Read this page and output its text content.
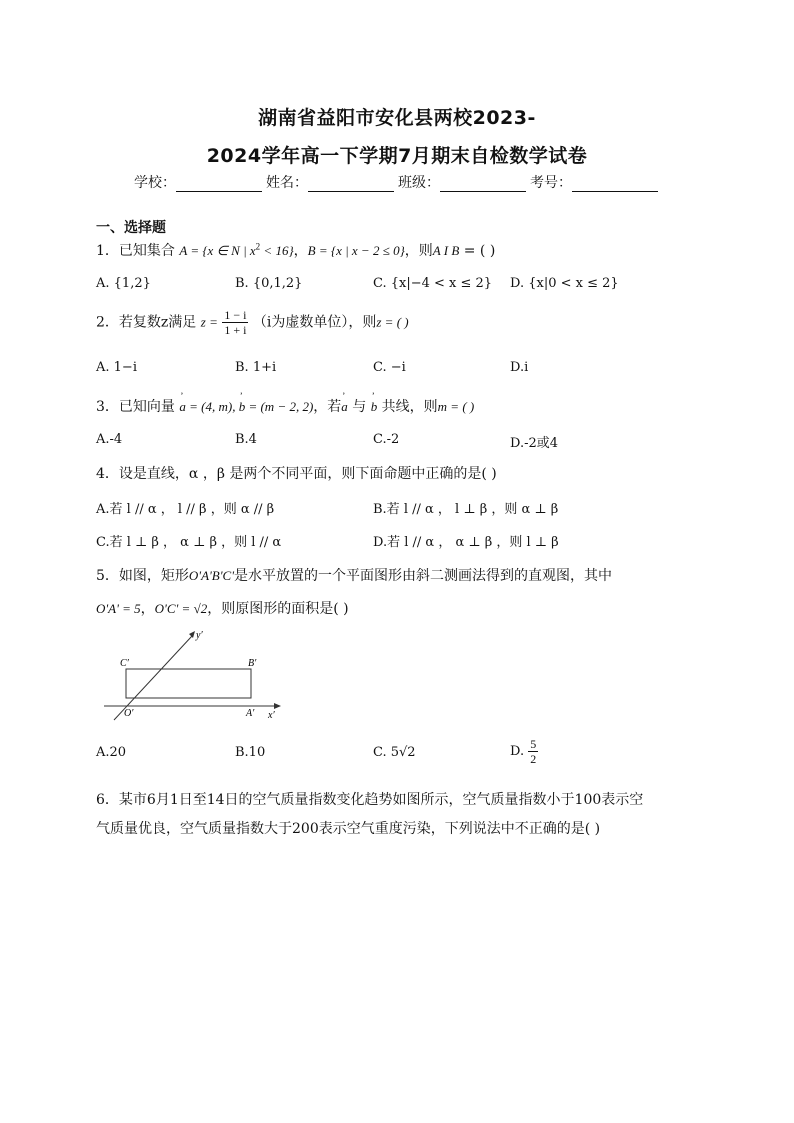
湖南省益阳市安化县两校2023-
2024学年高一下学期7月期末自检数学试卷
学校：	姓名：	班级：	考号：
一、选择题
1．已知集合 A = {x ∈ N | $x^2 < 16$}，B = {x | x − 2 ≤ 0}，则A I B = ( )
A. {1,2}	B. {0,1,2}	C. {x|−4 < x ≤ 2} D. {x|0 < x ≤ 2}
2．若复数z满足 $z = \frac{1 - i}{1 + i} (i$为虚数单位），则z = ( )
A. 1−i	B. 1+i	C. −i	D.i
3．已知向量 ’ a = (4, m), ’ b = (m − 2, 2)，若’ a 与 ’ b 共线，则m = ( )
A.-4	B.4	C.-2	D.-2或4
4．设是直线，α ，β 是两个不同平面，则下面命题中正确的是( )
A.若 l // α ， l // β ，则 α // β	B.若 l // α ， l ⊥ β ，则 α ⊥ β
C.若 l ⊥ β ， α ⊥ β ，则 l // α	D.若 l // α ， α ⊥ β ，则 l ⊥ β
5．如图，矩形O'A'B'C'是水平放置的一个平面图形由斜二测画法得到的直观图，其中
O'A' = 5，O'C' = √2，则原图形的面积是( )
C′	B′
O′	A′ x′
y′
A.20	B.10	C. 5√2	D. $\frac{5}{2}$
6．某市6月1日至14日的空气质量指数变化趋势如图所示，空气质量指数小于100表示空
气质量优良，空气质量指数大于200表示空气重度污染，下列说法中不正确的是( )
